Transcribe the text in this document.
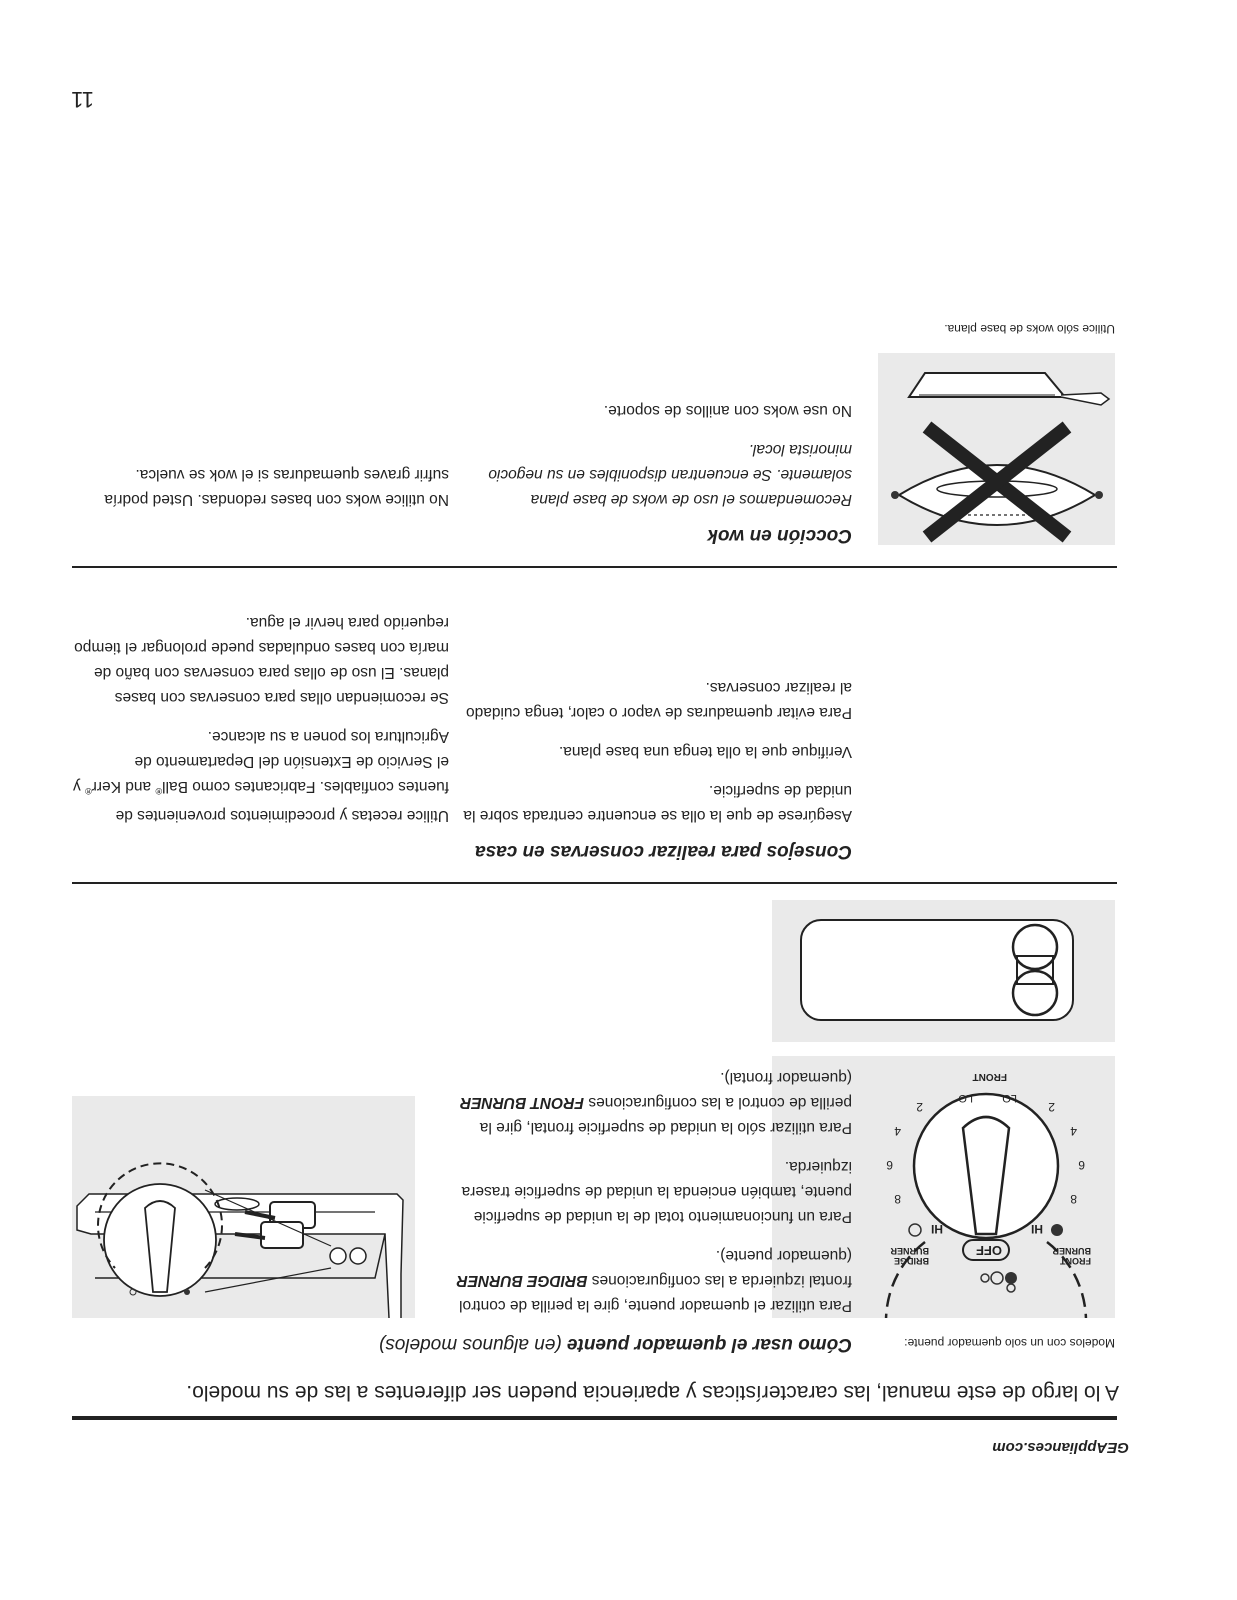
GEAppliances.com
A lo largo de este manual, las características y apariencia pueden ser diferentes a las de su modelo.
Modelos con un solo quemador puente:
Cómo usar el quemador puente (en algunos modelos)
OFF
FRONT BURNER
BRIDGE BURNER
HI
HI
8
8
6
6
4
4
2
2
LO
LO
FRONT

Para utilizar el quemador puente, gire la perilla de control frontal izquierda a las configuraciones BRIDGE BURNER (quemador puente).

Para un funcionamiento total de la unidad de superficie puente, también encienda la unidad de superficie trasera izquierda.

Para utilizar sólo la unidad de superficie frontal, gire la perilla de control a las configuraciones FRONT BURNER (quemador frontal).

Consejos para realizar conservas en casa

Asegúrese de que la olla se encuentre centrada sobre la unidad de superficie.

Verifique que la olla tenga una base plana.

Para evitar quemaduras de vapor o calor, tenga cuidado al realizar conservas.

Utilice recetas y procedimientos provenientes de fuentes confiables. Fabricantes como Ball® and Kerr® y el Servicio de Extensión del Departamento de Agricultura los ponen a su alcance.

Se recomiendan ollas para conservas con bases planas. El uso de ollas para conservas con baño de maría con bases onduladas puede prolongar el tiempo requerido para hervir el agua.

Cocción en wok

Recomendamos el uso de woks de base plana solamente. Se encuentran disponibles en su negocio minorista local.

No use woks con anillos de soporte.

No utilice woks con bases redondas. Usted podría sufrir graves quemaduras si el wok se vuelca.

Utilice sólo woks de base plana.
11
